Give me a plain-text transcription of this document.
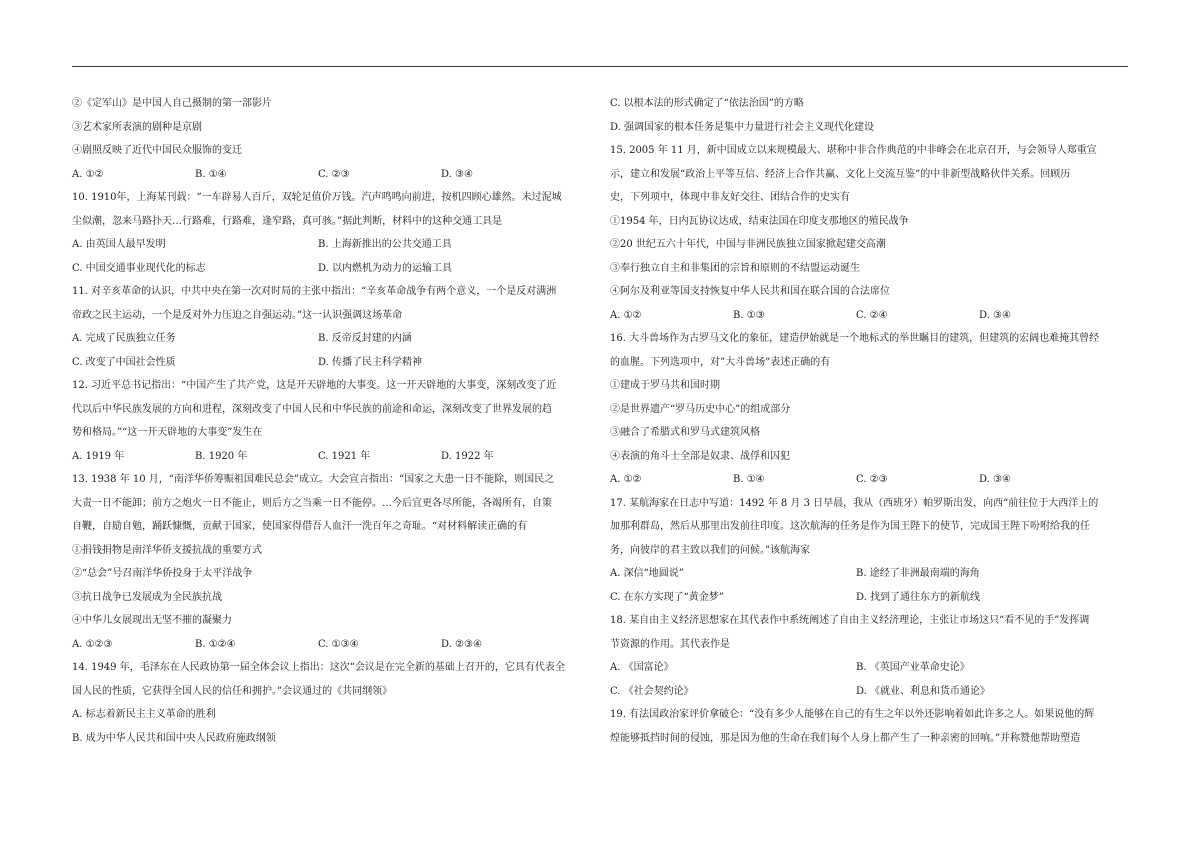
②《定军山》是中国人自己摄制的第一部影片
③艺术家所表演的剧种是京剧
④剧照反映了近代中国民众服饰的变迁
A. ①②	B. ①④	C. ②③	D. ③④
10. 1910年，上海某刊载：“一车辟易人百斤，双轮足值价万钱。汽声鸣鸣向前进，按机四顾心雄然。未过泥城
尘似潮，忽来马路扑天…行路难，行路难，逢窄路，真可骇。”据此判断，材料中的这种交通工具是
A. 由英国人最早发明	B. 上海新推出的公共交通工具
C. 中国交通事业现代化的标志	D. 以内燃机为动力的运输工具
11. 对辛亥革命的认识，中共中央在第一次对时局的主张中指出：“辛亥革命战争有两个意义，一个是反对满洲
帝政之民主运动，一个是反对外力压迫之自强运动。”这一认识强调这场革命
A. 完成了民族独立任务	B. 反帝反封建的内涵
C. 改变了中国社会性质	D. 传播了民主科学精神
12. 习近平总书记指出：“中国产生了共产党，这是开天辟地的大事变。这一开天辟地的大事变，深刻改变了近
代以后中华民族发展的方向和进程，深刻改变了中国人民和中华民族的前途和命运，深刻改变了世界发展的趋
势和格局。”“这一开天辟地的大事变”发生在
A. 1919 年	B. 1920 年	C. 1921 年	D. 1922 年
13. 1938 年 10 月，“南洋华侨筹赈祖国难民总会”成立。大会宣言指出：“国家之大患一日不能除，则国民之
大责一日不能卸；前方之炮火一日不能止，则后方之当乘一日不能停。…今后宜更各尽所能，各竭所有，自策
自鞭，自励自勉，踊跃慷慨，贡献于国家，使国家得借吾人血汗一洗百年之奇耻。“对材料解读正确的有
①捐钱捐物是南洋华侨支援抗战的重要方式
②“总会”号召南洋华侨投身于太平洋战争
③抗日战争已发展成为全民族抗战
④中华儿女展现出无坚不摧的凝聚力
A. ①②③	B. ①②④	C. ①③④	D. ②③④
14. 1949 年，毛泽东在人民政协第一届全体会议上指出：这次“会议是在完全新的基础上召开的，它具有代表全
国人民的性质，它获得全国人民的信任和拥护。”会议通过的《共同纲领》
A. 标志着新民主主义革命的胜利
B. 成为中华人民共和国中央人民政府施政纲领
C. 以根本法的形式确定了“依法治国”的方略
D. 强调国家的根本任务是集中力量进行社会主义现代化建设
15. 2005 年 11 月，新中国成立以来规模最大、堪称中非合作典范的中非峰会在北京召开，与会领导人郑重宣
示，建立和发展“政治上平等互信、经济上合作共赢、文化上交流互鉴”的中非新型战略伙伴关系。回顾历
史，下列项中，体现中非友好交往、团结合作的史实有
①1954 年，日内瓦协议达成，结束法国在印度支那地区的殖民战争
②20 世纪五六十年代，中国与非洲民族独立国家掀起建交高潮
③奉行独立自主和非集团的宗旨和原则的不结盟运动诞生
④阿尔及利亚等国支持恢复中华人民共和国在联合国的合法席位
A. ①②	B. ①③	C. ②④	D. ③④
16. 大斗兽场作为古罗马文化的象征，建造伊始就是一个地标式的举世瞩目的建筑，但建筑的宏阔也难掩其曾经
的血腥。下列选项中，对”大斗兽场”表述正确的有
①建成于罗马共和国时期
②是世界遗产“罗马历史中心”的组成部分
③融合了希腊式和罗马式建筑风格
④表演的角斗士全部是奴隶、战俘和囚犯
A. ①②	B. ①④	C. ②③	D. ③④
17. 某航海家在日志中写道：1492 年 8 月 3 日早晨，我从（西班牙）帕罗斯出发，向西“前往位于大西洋上的
加那利群岛，然后从那里出发前往印度。这次航海的任务是作为国王陛下的使节，完成国王陛下吩咐给我的任
务，向彼岸的君主致以我们的问候。”该航海家
A. 深信“地圆说”	B. 途经了非洲最南端的海角
C. 在东方实现了“黄金梦”	D. 找到了通往东方的新航线
18. 某自由主义经济思想家在其代表作中系统阐述了自由主义经济理论，主张让市场这只“看不见的手”发挥调
节资源的作用。其代表作是
A. 《国富论》	B. 《英国产业革命史论》
C. 《社会契约论》	D. 《就业、利息和货币通论》
19. 有法国政治家评价拿破仑：“没有多少人能够在自己的有生之年以外还影响着如此许多之人。如果说他的辉
煌能够抵挡时间的侵蚀，那是因为他的生命在我们每个人身上都产生了一种亲密的回响。”并称赞他帮助塑造
